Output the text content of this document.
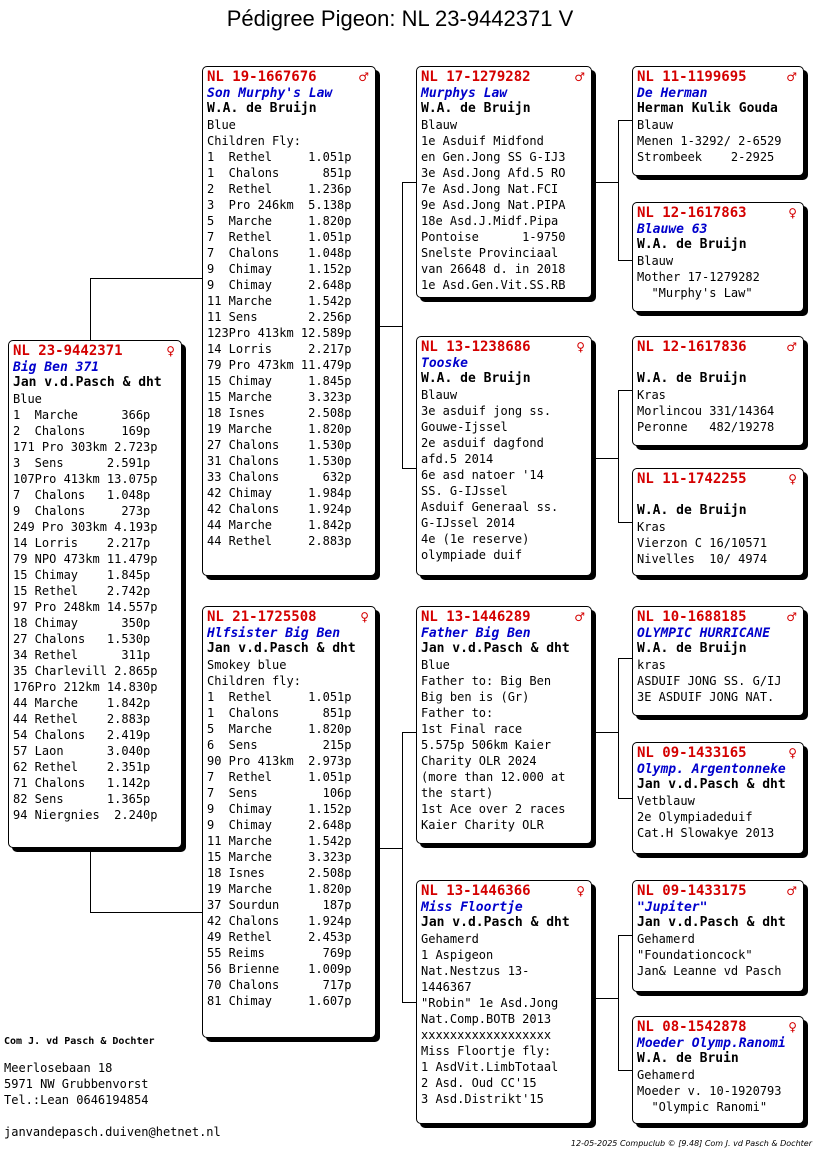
Pédigree Pigeon: NL 23-9442371 V
NL 23-9442371	♀
Big Ben 371
Jan v.d.Pasch & dht
Blue
1  Marche      366p
2  Chalons     169p
171 Pro 303km 2.723p
3  Sens      2.591p
107Pro 413km 13.075p
7  Chalons   1.048p
9  Chalons     273p
249 Pro 303km 4.193p
14 Lorris    2.217p
79 NPO 473km 11.479p
15 Chimay    1.845p
15 Rethel    2.742p
97 Pro 248km 14.557p
18 Chimay      350p
27 Chalons   1.530p
34 Rethel      311p
35 Charlevill 2.865p
176Pro 212km 14.830p
44 Marche    1.842p
44 Rethel    2.883p
54 Chalons   2.419p
57 Laon      3.040p
62 Rethel    2.351p
71 Chalons   1.142p
82 Sens      1.365p
94 Niergnies  2.240p
NL 19-1667676	♂
Son Murphy's Law
W.A. de Bruijn
Blue
Children Fly:
1  Rethel     1.051p
1  Chalons      851p
2  Rethel     1.236p
3  Pro 246km  5.138p
5  Marche     1.820p
7  Rethel     1.051p
7  Chalons    1.048p
9  Chimay     1.152p
9  Chimay     2.648p
11 Marche     1.542p
11 Sens       2.256p
123Pro 413km 12.589p
14 Lorris     2.217p
79 Pro 473km 11.479p
15 Chimay     1.845p
15 Marche     3.323p
18 Isnes      2.508p
19 Marche     1.820p
27 Chalons    1.530p
31 Chalons    1.530p
33 Chalons      632p
42 Chimay     1.984p
42 Chalons    1.924p
44 Marche     1.842p
44 Rethel     2.883p
NL 21-1725508	♀
Hlfsister Big Ben
Jan v.d.Pasch & dht
Smokey blue
Children fly:
1  Rethel     1.051p
1  Chalons      851p
5  Marche     1.820p
6  Sens         215p
90 Pro 413km  2.973p
7  Rethel     1.051p
7  Sens         106p
9  Chimay     1.152p
9  Chimay     2.648p
11 Marche     1.542p
15 Marche     3.323p
18 Isnes      2.508p
19 Marche     1.820p
37 Sourdun      187p
42 Chalons    1.924p
49 Rethel     2.453p
55 Reims        769p
56 Brienne    1.009p
70 Chalons      717p
81 Chimay     1.607p
NL 17-1279282	♂
Murphys Law
W.A. de Bruijn
Blauw
1e Asduif Midfond
en Gen.Jong SS G-IJ3
3e Asd.Jong Afd.5 RO
7e Asd.Jong Nat.FCI
9e Asd.Jong Nat.PIPA
18e Asd.J.Midf.Pipa
Pontoise      1-9750
Snelste Provinciaal
van 26648 d. in 2018
1e Asd.Gen.Vit.SS.RB
NL 13-1238686	♀
Tooske
W.A. de Bruijn
Blauw
3e asduif jong ss.
Gouwe-Ijssel
2e asduif dagfond
afd.5 2014
6e asd natoer '14
SS. G-IJssel
Asduif Generaal ss.
G-IJssel 2014
4e (1e reserve)
olympiade duif
NL 13-1446289	♂
Father Big Ben
Jan v.d.Pasch & dht
Blue
Father to: Big Ben
Big ben is (Gr)
Father to:
1st Final race
5.575p 506km Kaier
Charity OLR 2024
(more than 12.000 at
the start)
1st Ace over 2 races
Kaier Charity OLR
NL 13-1446366	♀
Miss Floortje
Jan v.d.Pasch & dht
Gehamerd
1 Aspigeon
Nat.Nestzus 13-
1446367
"Robin" 1e Asd.Jong
Nat.Comp.BOTB 2013
xxxxxxxxxxxxxxxxxx
Miss Floortje fly:
1 AsdVit.LimbTotaal
2 Asd. Oud CC'15
3 Asd.Distrikt'15
NL 11-1199695	♂
De Herman
Herman Kulik Gouda
Blauw
Menen 1-3292/ 2-6529
Strombeek    2-2925
NL 12-1617863	♀
Blauwe 63
W.A. de Bruijn
Blauw
Mother 17-1279282
"Murphy's Law"
NL 12-1617836	♂
W.A. de Bruijn
Kras
Morlincou 331/14364
Peronne   482/19278
NL 11-1742255	♀
W.A. de Bruijn
Kras
Vierzon C 16/10571
Nivelles  10/ 4974
NL 10-1688185	♂
OLYMPIC HURRICANE
W.A. de Bruijn
kras
ASDUIF JONG SS. G/IJ
3E ASDUIF JONG NAT.
NL 09-1433165	♀
Olymp. Argentonneke
Jan v.d.Pasch & dht
Vetblauw
2e Olympiadeduif
Cat.H Slowakye 2013
NL 09-1433175	♂
"Jupiter"
Jan v.d.Pasch & dht
Gehamerd
"Foundationcock"
Jan& Leanne vd Pasch
NL 08-1542878	♀
Moeder Olymp.Ranomi
W.A. de Bruin
Gehamerd
Moeder v. 10-1920793
"Olympic Ranomi"
Com J. vd Pasch & Dochter
Meerlosebaan 18
5971 NW Grubbenvorst
Tel.:Lean 0646194854
janvandepasch.duiven@hetnet.nl
12-05-2025 Compuclub © [9.48] Com J. vd Pasch & Dochter
